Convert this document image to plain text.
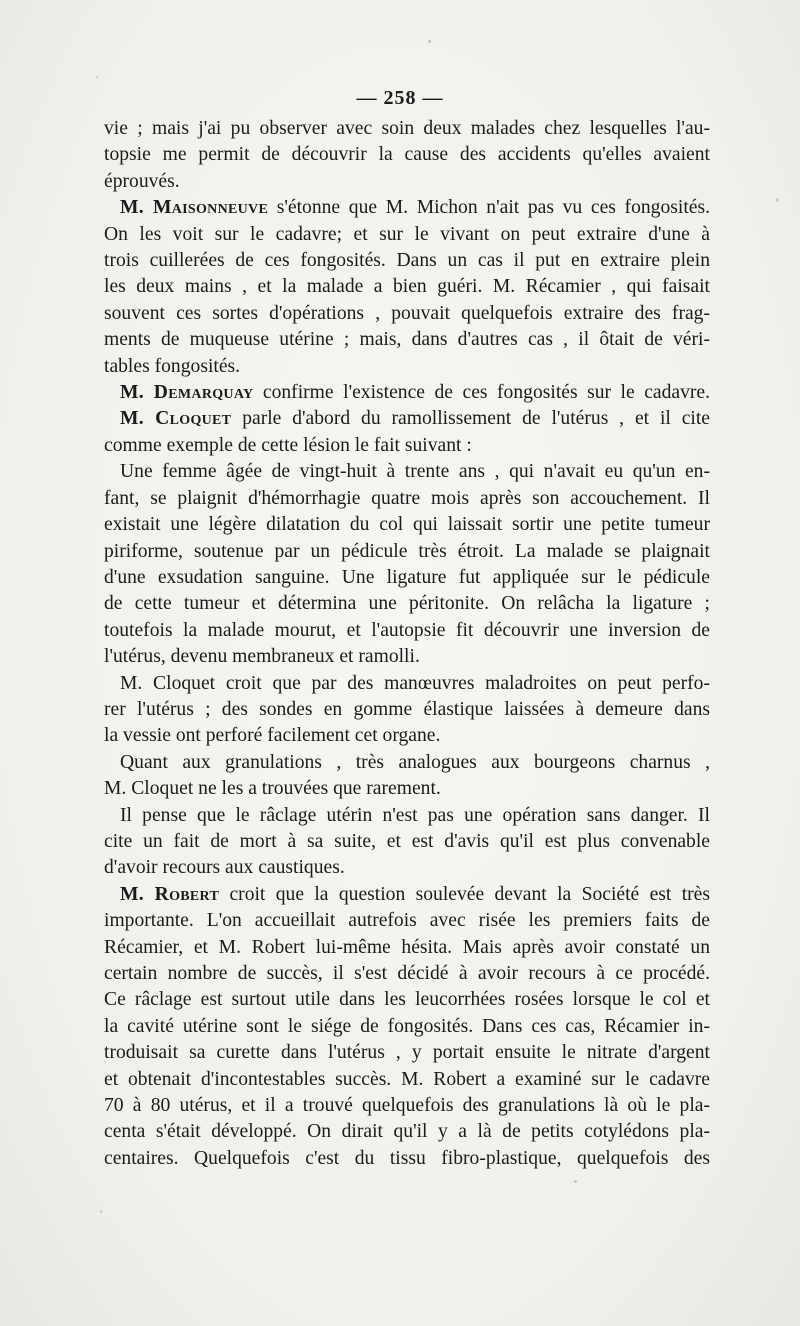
— 258 —
vie ; mais j'ai pu observer avec soin deux malades chez lesquelles l'au-
topsie me permit de découvrir la cause des accidents qu'elles avaient
éprouvés.
M. Maisonneuve s'étonne que M. Michon n'ait pas vu ces fongosités.
On les voit sur le cadavre; et sur le vivant on peut extraire d'une à
trois cuillerées de ces fongosités. Dans un cas il put en extraire plein
les deux mains , et la malade a bien guéri. M. Récamier , qui faisait
souvent ces sortes d'opérations , pouvait quelquefois extraire des frag-
ments de muqueuse utérine ; mais, dans d'autres cas , il ôtait de véri-
tables fongosités.
M. Demarquay confirme l'existence de ces fongosités sur le cadavre.
M. Cloquet parle d'abord du ramollissement de l'utérus , et il cite
comme exemple de cette lésion le fait suivant :
Une femme âgée de vingt-huit à trente ans , qui n'avait eu qu'un en-
fant, se plaignit d'hémorrhagie quatre mois après son accouchement. Il
existait une légère dilatation du col qui laissait sortir une petite tumeur
piriforme, soutenue par un pédicule très étroit. La malade se plaignait
d'une exsudation sanguine. Une ligature fut appliquée sur le pédicule
de cette tumeur et détermina une péritonite. On relâcha la ligature ;
toutefois la malade mourut, et l'autopsie fit découvrir une inversion de
l'utérus, devenu membraneux et ramolli.
M. Cloquet croit que par des manœuvres maladroites on peut perfo-
rer l'utérus ; des sondes en gomme élastique laissées à demeure dans
la vessie ont perforé facilement cet organe.
Quant aux granulations , très analogues aux bourgeons charnus ,
M. Cloquet ne les a trouvées que rarement.
Il pense que le râclage utérin n'est pas une opération sans danger. Il
cite un fait de mort à sa suite, et est d'avis qu'il est plus convenable
d'avoir recours aux caustiques.
M. Robert croit que la question soulevée devant la Société est très
importante. L'on accueillait autrefois avec risée les premiers faits de
Récamier, et M. Robert lui-même hésita. Mais après avoir constaté un
certain nombre de succès, il s'est décidé à avoir recours à ce procédé.
Ce râclage est surtout utile dans les leucorrhées rosées lorsque le col et
la cavité utérine sont le siége de fongosités. Dans ces cas, Récamier in-
troduisait sa curette dans l'utérus , y portait ensuite le nitrate d'argent
et obtenait d'incontestables succès. M. Robert a examiné sur le cadavre
70 à 80 utérus, et il a trouvé quelquefois des granulations là où le pla-
centa s'était développé. On dirait qu'il y a là de petits cotylédons pla-
centaires. Quelquefois c'est du tissu fibro-plastique, quelquefois des
